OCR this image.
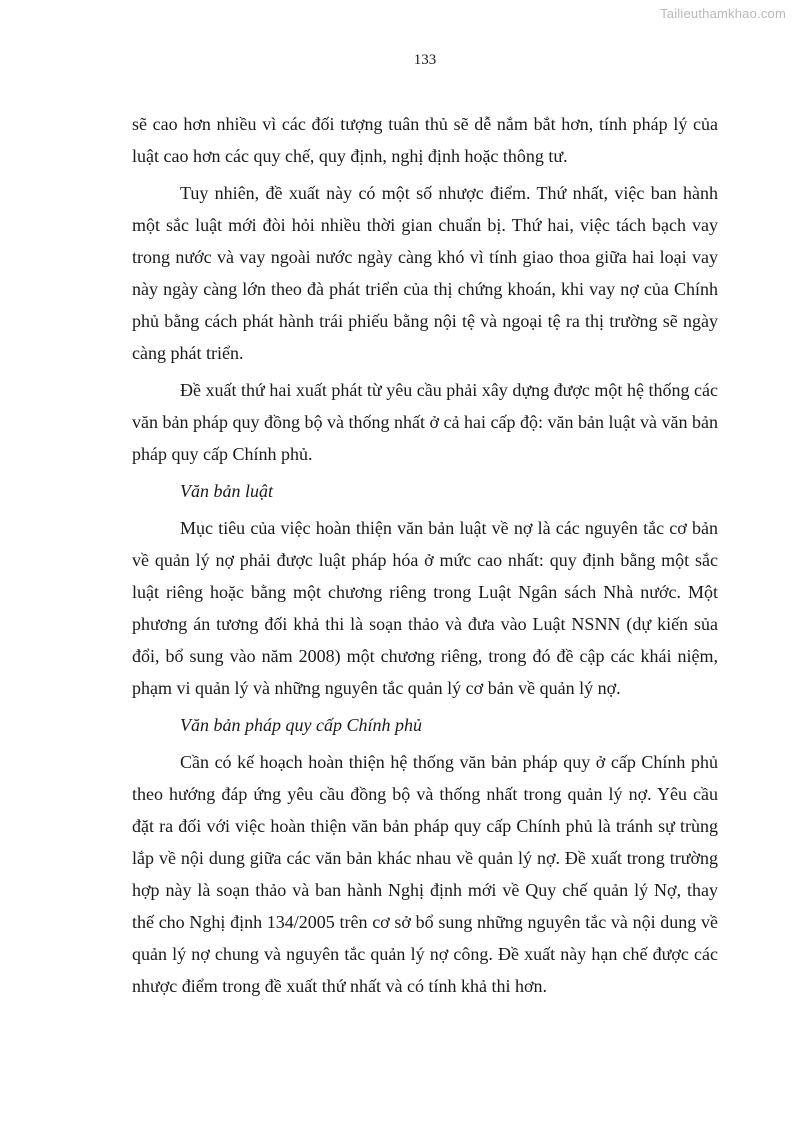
Tailieuthamkhao.com
133

sẽ cao hơn nhiều vì các đối tượng tuân thủ sẽ dễ nắm bắt hơn, tính pháp lý của luật cao hơn các quy chế, quy định, nghị định hoặc thông tư.

Tuy nhiên, đề xuất này có một số nhược điểm. Thứ nhất, việc ban hành một sắc luật mới đòi hỏi nhiều thời gian chuẩn bị. Thứ hai, việc tách bạch vay trong nước và vay ngoài nước ngày càng khó vì tính giao thoa giữa hai loại vay này ngày càng lớn theo đà phát triển của thị chứng khoán, khi vay nợ của Chính phủ bằng cách phát hành trái phiếu bằng nội tệ và ngoại tệ ra thị trường sẽ ngày càng phát triển.

Đề xuất thứ hai xuất phát từ yêu cầu phải xây dựng được một hệ thống các văn bản pháp quy đồng bộ và thống nhất ở cả hai cấp độ: văn bản luật và văn bản pháp quy cấp Chính phủ.

Văn bản luật

Mục tiêu của việc hoàn thiện văn bản luật về nợ là các nguyên tắc cơ bản về quản lý nợ phải được luật pháp hóa ở mức cao nhất: quy định bằng một sắc luật riêng hoặc bằng một chương riêng trong Luật Ngân sách Nhà nước. Một phương án tương đối khả thi là soạn thảo và đưa vào Luật NSNN (dự kiến sủa đổi, bổ sung vào năm 2008) một chương riêng, trong đó đề cập các khái niệm, phạm vi quản lý và những nguyên tắc quản lý cơ bản về quản lý nợ.

Văn bản pháp quy cấp Chính phủ

Cần có kế hoạch hoàn thiện hệ thống văn bản pháp quy ở cấp Chính phủ theo hướng đáp ứng yêu cầu đồng bộ và thống nhất trong quản lý nợ. Yêu cầu đặt ra đối với việc hoàn thiện văn bản pháp quy cấp Chính phủ là tránh sự trùng lắp về nội dung giữa các văn bản khác nhau về quản lý nợ. Đề xuất trong trường hợp này là soạn thảo và ban hành Nghị định mới về Quy chế quản lý Nợ, thay thế cho Nghị định 134/2005 trên cơ sở bổ sung những nguyên tắc và nội dung về quản lý nợ chung và nguyên tắc quản lý nợ công. Đề xuất này hạn chế được các nhược điểm trong đề xuất thứ nhất và có tính khả thi hơn.
